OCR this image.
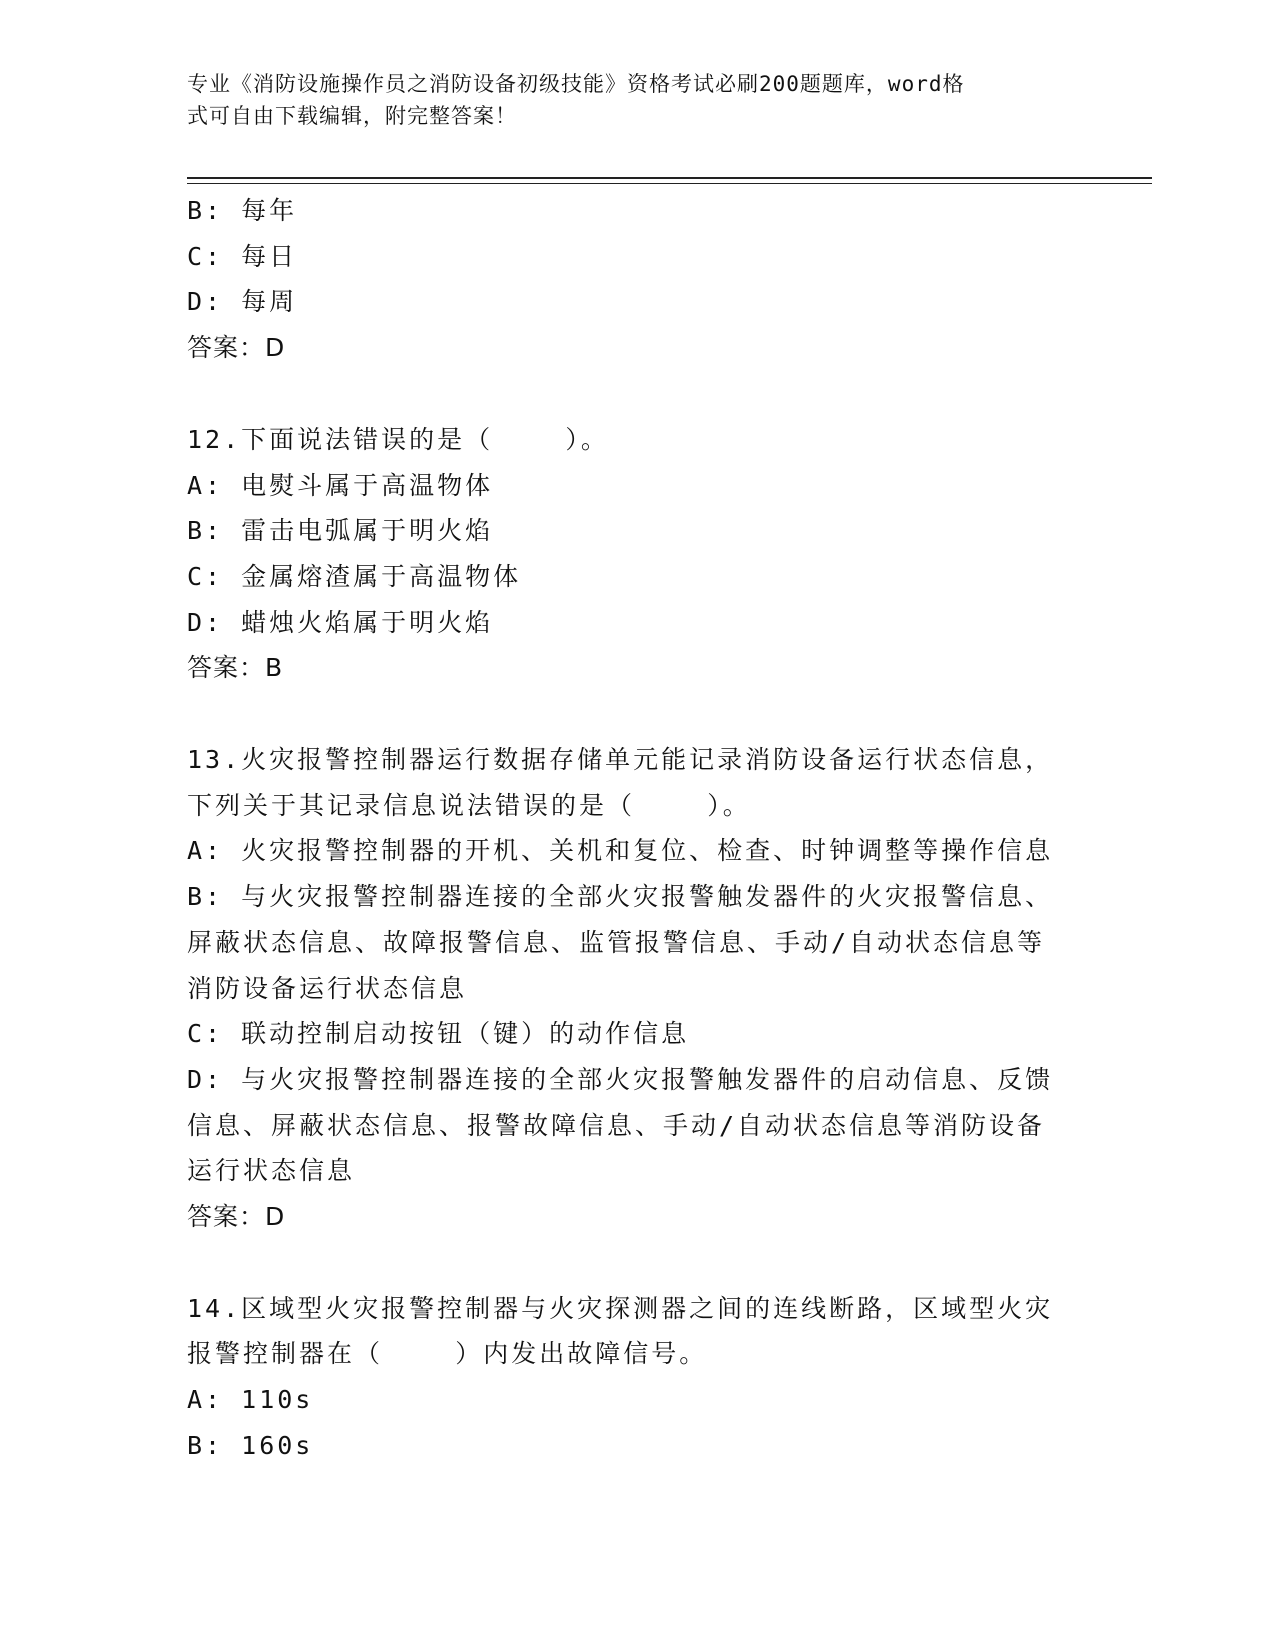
专业《消防设施操作员之消防设备初级技能》资格考试必刷200题题库，word格
式可自由下载编辑，附完整答案！
B: 每年
C: 每日
D: 每周
答案：D
12.下面说法错误的是（    ）。
A: 电熨斗属于高温物体
B: 雷击电弧属于明火焰
C: 金属熔渣属于高温物体
D: 蜡烛火焰属于明火焰
答案：B
13.火灾报警控制器运行数据存储单元能记录消防设备运行状态信息，
下列关于其记录信息说法错误的是（    ）。
A: 火灾报警控制器的开机、关机和复位、检查、时钟调整等操作信息
B: 与火灾报警控制器连接的全部火灾报警触发器件的火灾报警信息、
屏蔽状态信息、故障报警信息、监管报警信息、手动/自动状态信息等
消防设备运行状态信息
C: 联动控制启动按钮（键）的动作信息
D: 与火灾报警控制器连接的全部火灾报警触发器件的启动信息、反馈
信息、屏蔽状态信息、报警故障信息、手动/自动状态信息等消防设备
运行状态信息
答案：D
14.区域型火灾报警控制器与火灾探测器之间的连线断路，区域型火灾
报警控制器在（    ）内发出故障信号。
A: 110s
B: 160s
